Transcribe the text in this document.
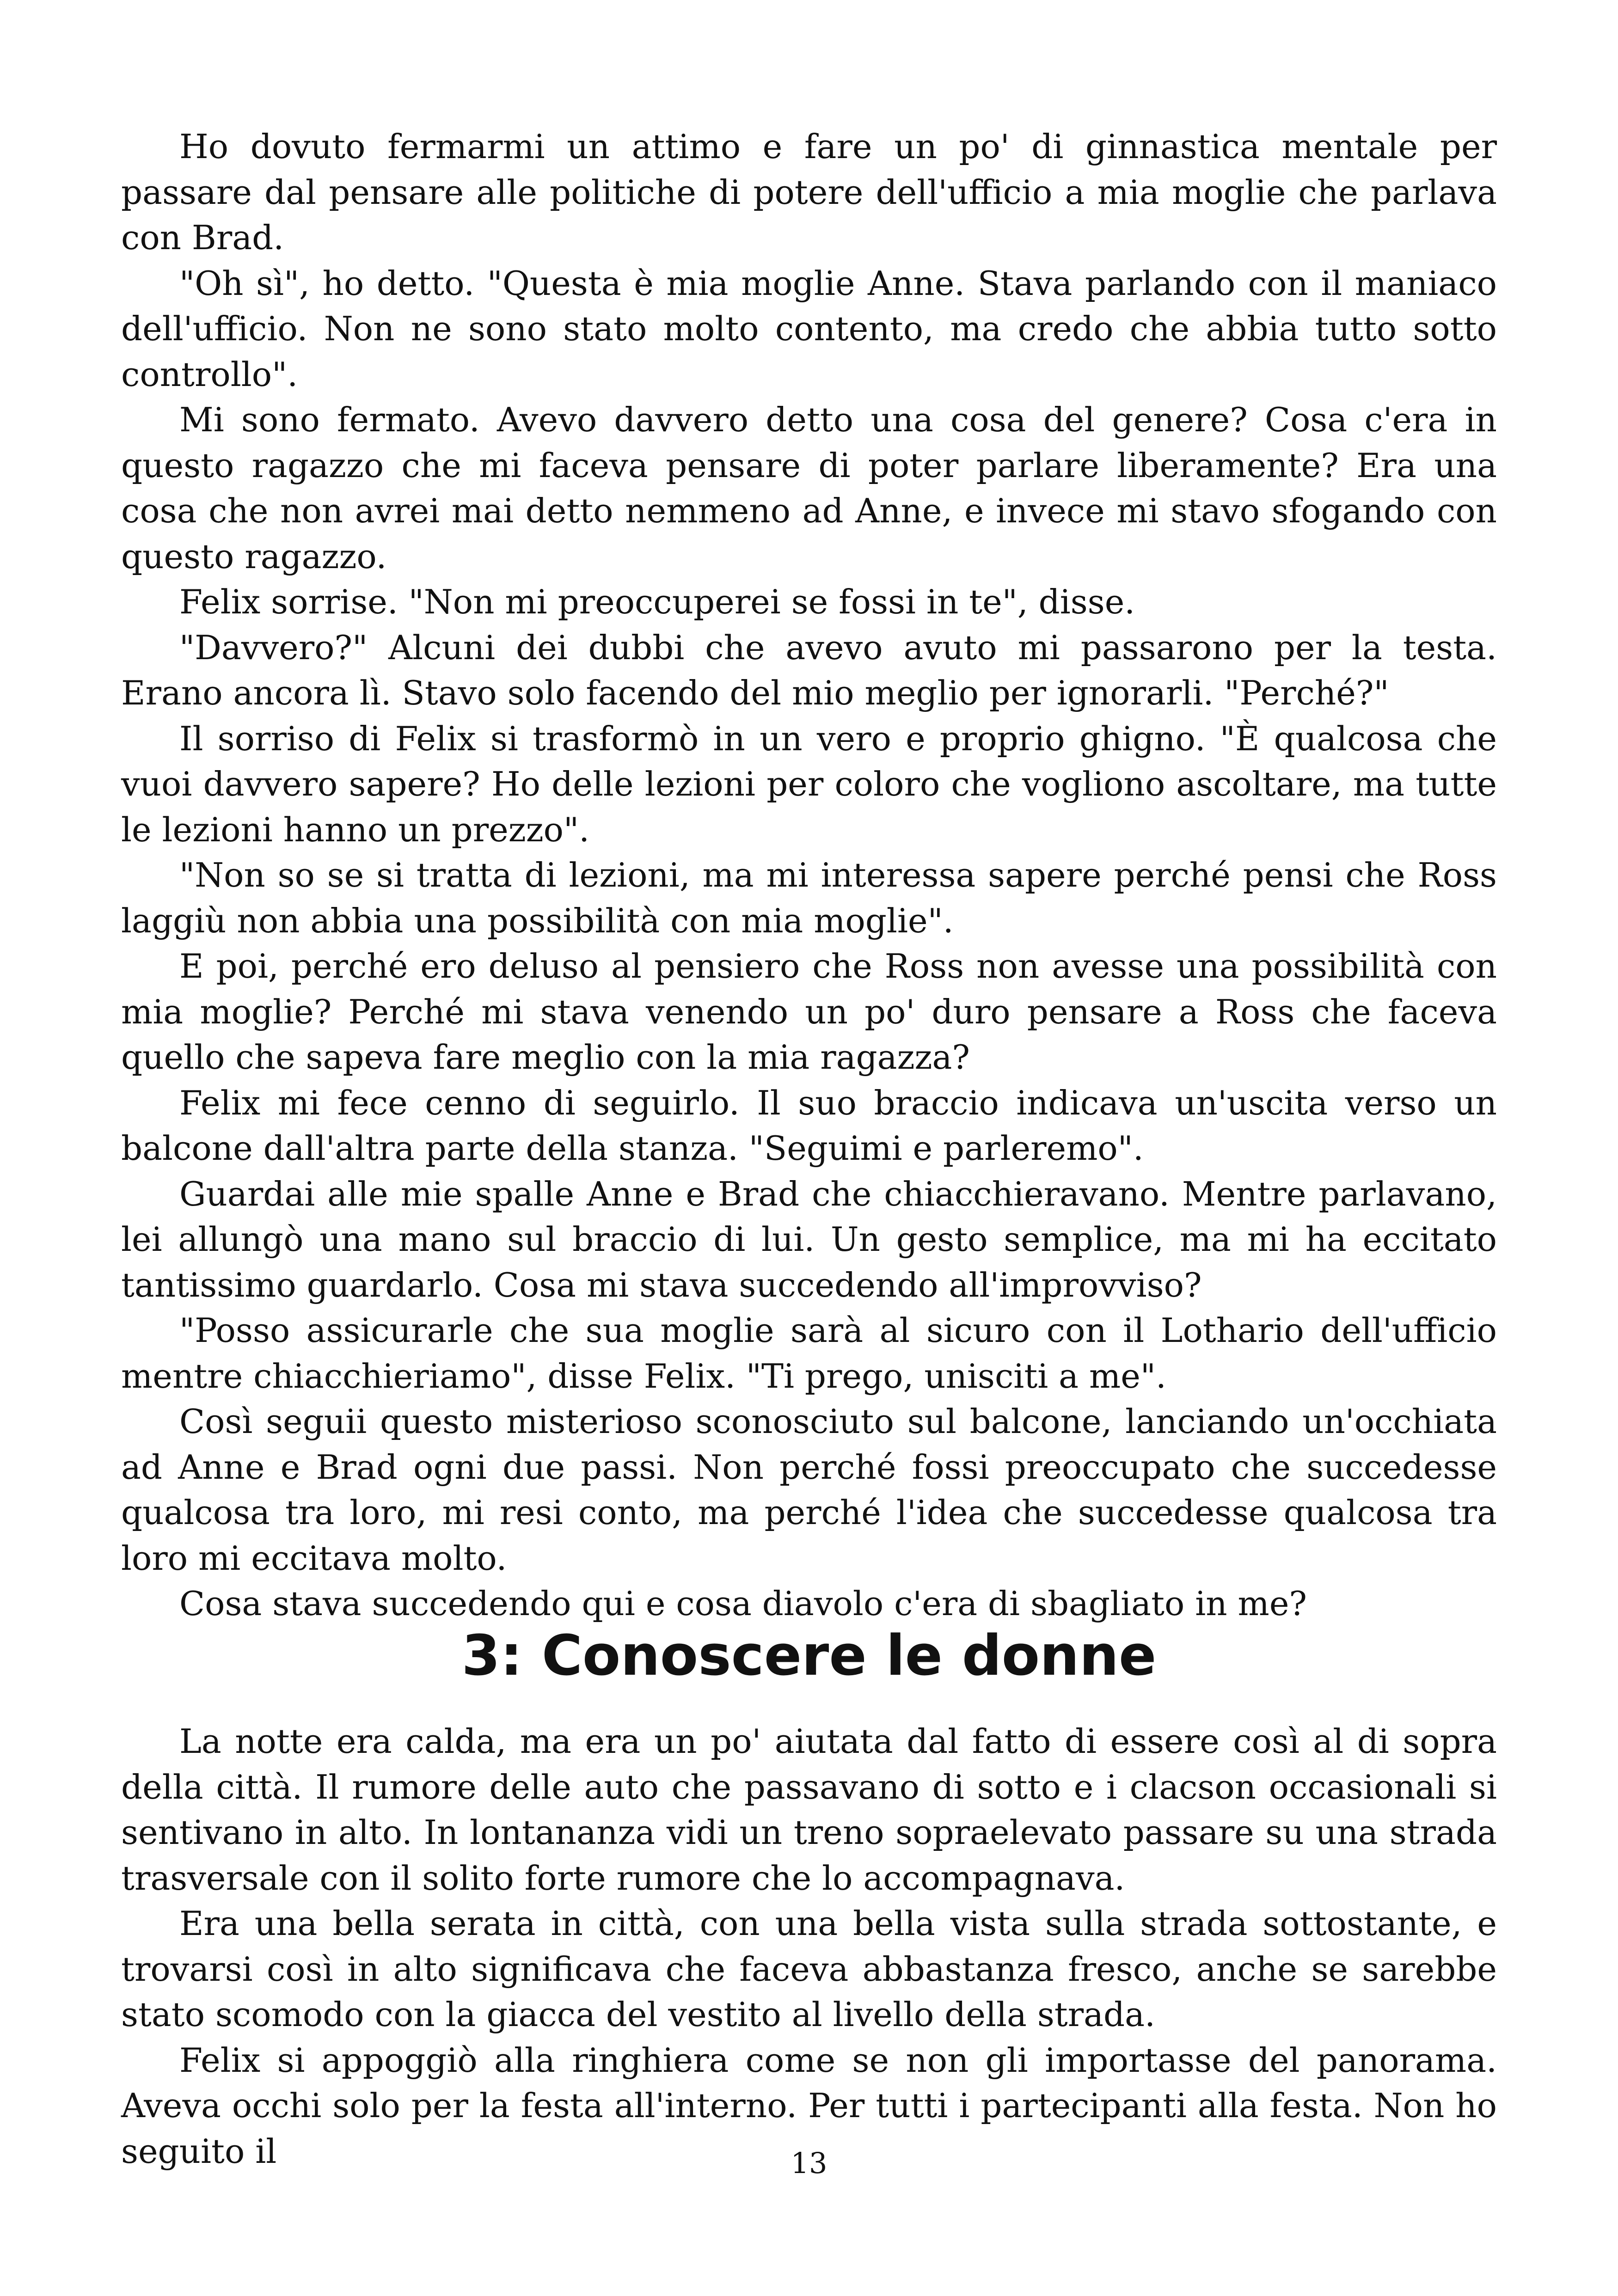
Ho dovuto fermarmi un attimo e fare un po' di ginnastica mentale per passare dal pensare alle politiche di potere dell'ufficio a mia moglie che parlava con Brad.

"Oh sì", ho detto. "Questa è mia moglie Anne. Stava parlando con il maniaco dell'ufficio. Non ne sono stato molto contento, ma credo che abbia tutto sotto controllo".

Mi sono fermato. Avevo davvero detto una cosa del genere? Cosa c'era in questo ragazzo che mi faceva pensare di poter parlare liberamente? Era una cosa che non avrei mai detto nemmeno ad Anne, e invece mi stavo sfogando con questo ragazzo.

Felix sorrise. "Non mi preoccuperei se fossi in te", disse.

"Davvero?" Alcuni dei dubbi che avevo avuto mi passarono per la testa. Erano ancora lì. Stavo solo facendo del mio meglio per ignorarli. "Perché?"

Il sorriso di Felix si trasformò in un vero e proprio ghigno. "È qualcosa che vuoi davvero sapere? Ho delle lezioni per coloro che vogliono ascoltare, ma tutte le lezioni hanno un prezzo".

"Non so se si tratta di lezioni, ma mi interessa sapere perché pensi che Ross laggiù non abbia una possibilità con mia moglie".

E poi, perché ero deluso al pensiero che Ross non avesse una possibilità con mia moglie? Perché mi stava venendo un po' duro pensare a Ross che faceva quello che sapeva fare meglio con la mia ragazza?

Felix mi fece cenno di seguirlo. Il suo braccio indicava un'uscita verso un balcone dall'altra parte della stanza. "Seguimi e parleremo".

Guardai alle mie spalle Anne e Brad che chiacchieravano. Mentre parlavano, lei allungò una mano sul braccio di lui. Un gesto semplice, ma mi ha eccitato tantissimo guardarlo. Cosa mi stava succedendo all'improvviso?

"Posso assicurarle che sua moglie sarà al sicuro con il Lothario dell'ufficio mentre chiacchieriamo", disse Felix. "Ti prego, unisciti a me".

Così seguii questo misterioso sconosciuto sul balcone, lanciando un'occhiata ad Anne e Brad ogni due passi. Non perché fossi preoccupato che succedesse qualcosa tra loro, mi resi conto, ma perché l'idea che succedesse qualcosa tra loro mi eccitava molto.

Cosa stava succedendo qui e cosa diavolo c'era di sbagliato in me?

3: Conoscere le donne

La notte era calda, ma era un po' aiutata dal fatto di essere così al di sopra della città. Il rumore delle auto che passavano di sotto e i clacson occasionali si sentivano in alto. In lontananza vidi un treno sopraelevato passare su una strada trasversale con il solito forte rumore che lo accompagnava.

Era una bella serata in città, con una bella vista sulla strada sottostante, e trovarsi così in alto significava che faceva abbastanza fresco, anche se sarebbe stato scomodo con la giacca del vestito al livello della strada.

Felix si appoggiò alla ringhiera come se non gli importasse del panorama. Aveva occhi solo per la festa all'interno. Per tutti i partecipanti alla festa. Non ho seguito il	13
